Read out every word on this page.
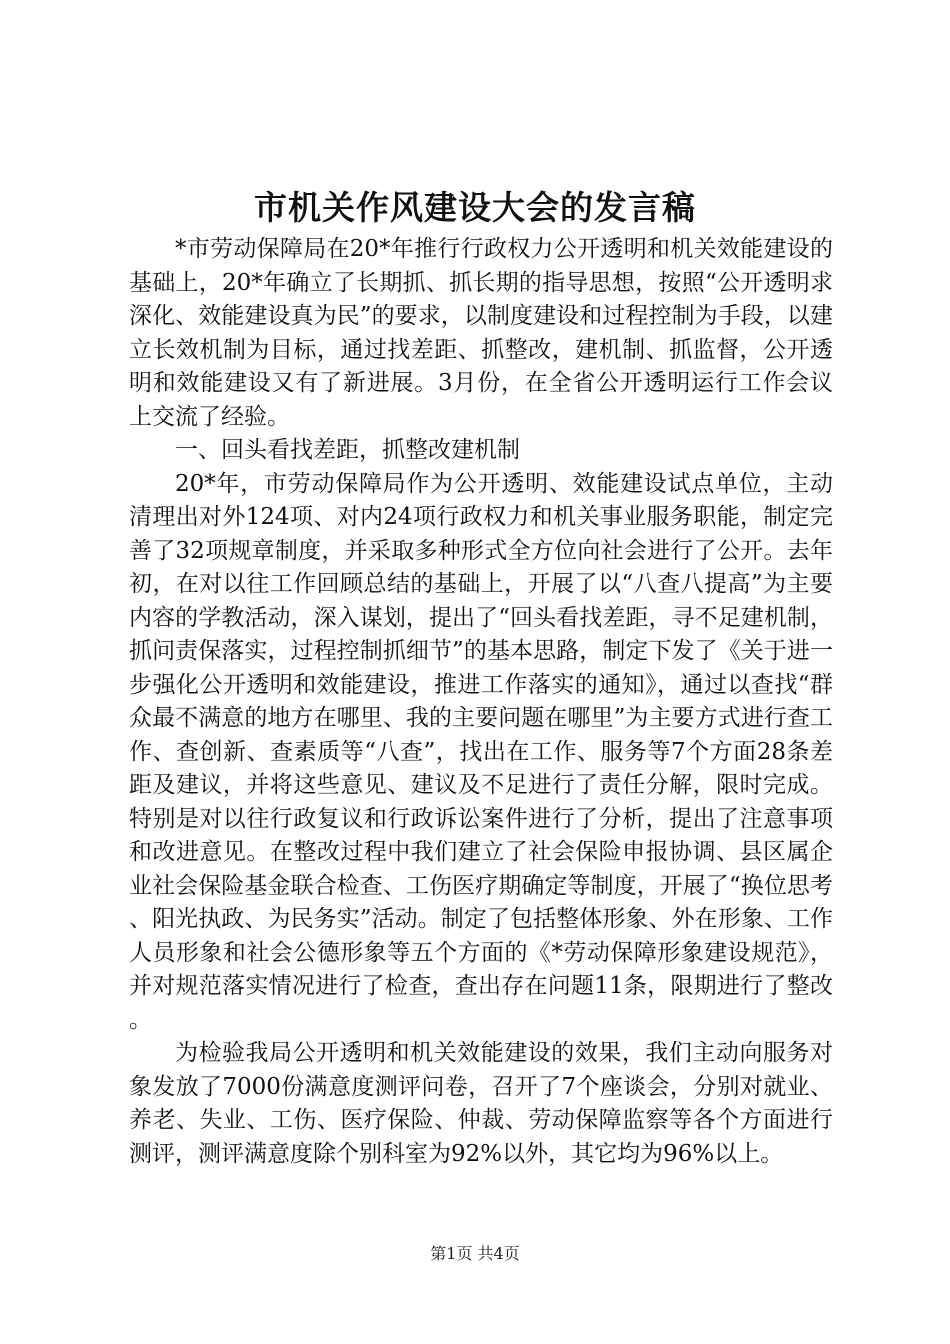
市机关作风建设大会的发言稿

*市劳动保障局在20*年推行行政权力公开透明和机关效能建设的基础上，20*年确立了长期抓、抓长期的指导思想，按照“公开透明求深化、效能建设真为民”的要求，以制度建设和过程控制为手段，以建立长效机制为目标，通过找差距、抓整改，建机制、抓监督，公开透明和效能建设又有了新进展。3月份，在全省公开透明运行工作会议上交流了经验。

一、回头看找差距，抓整改建机制

20*年，市劳动保障局作为公开透明、效能建设试点单位，主动清理出对外124项、对内24项行政权力和机关事业服务职能，制定完善了32项规章制度，并采取多种形式全方位向社会进行了公开。去年初，在对以往工作回顾总结的基础上，开展了以“八查八提高”为主要内容的学教活动，深入谋划，提出了“回头看找差距，寻不足建机制，抓问责保落实，过程控制抓细节”的基本思路，制定下发了《关于进一步强化公开透明和效能建设，推进工作落实的通知》，通过以查找“群众最不满意的地方在哪里、我的主要问题在哪里”为主要方式进行查工作、查创新、查素质等“八查”，找出在工作、服务等7个方面28条差距及建议，并将这些意见、建议及不足进行了责任分解，限时完成。特别是对以往行政复议和行政诉讼案件进行了分析，提出了注意事项和改进意见。在整改过程中我们建立了社会保险申报协调、县区属企业社会保险基金联合检查、工伤医疗期确定等制度，开展了“换位思考、阳光执政、为民务实”活动。制定了包括整体形象、外在形象、工作人员形象和社会公德形象等五个方面的《*劳动保障形象建设规范》，并对规范落实情况进行了检查，查出存在问题11条，限期进行了整改。

为检验我局公开透明和机关效能建设的效果，我们主动向服务对象发放了7000份满意度测评问卷，召开了7个座谈会，分别对就业、养老、失业、工伤、医疗保险、仲裁、劳动保障监察等各个方面进行测评，测评满意度除个别科室为92%以外，其它均为96%以上。

第1页 共4页
